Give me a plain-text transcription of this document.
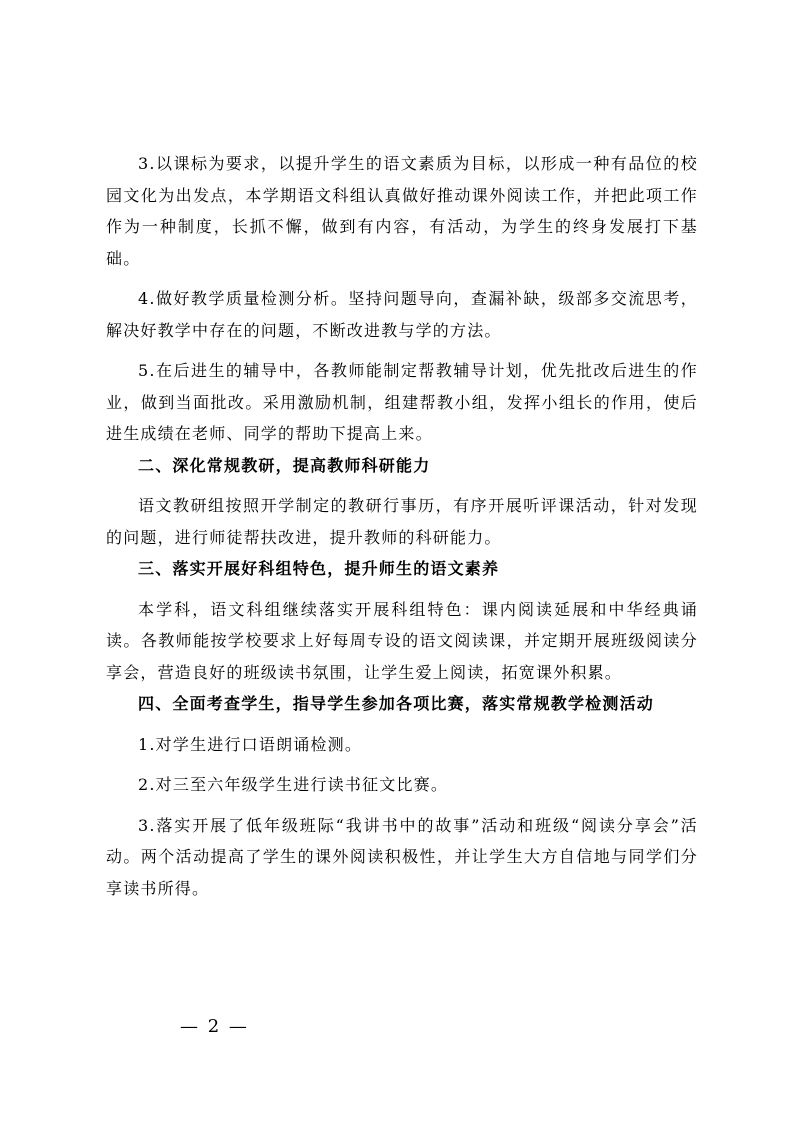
3.以课标为要求，以提升学生的语文素质为目标，以形成一种有品位的校园文化为出发点，本学期语文科组认真做好推动课外阅读工作，并把此项工作作为一种制度，长抓不懈，做到有内容，有活动，为学生的终身发展打下基础。

4.做好教学质量检测分析。坚持问题导向，查漏补缺，级部多交流思考，解决好教学中存在的问题，不断改进教与学的方法。

5.在后进生的辅导中，各教师能制定帮教辅导计划，优先批改后进生的作业，做到当面批改。采用激励机制，组建帮教小组，发挥小组长的作用，使后进生成绩在老师、同学的帮助下提高上来。

二、深化常规教研，提高教师科研能力

语文教研组按照开学制定的教研行事历，有序开展听评课活动，针对发现的问题，进行师徒帮扶改进，提升教师的科研能力。

三、落实开展好科组特色，提升师生的语文素养

本学科，语文科组继续落实开展科组特色：课内阅读延展和中华经典诵读。各教师能按学校要求上好每周专设的语文阅读课，并定期开展班级阅读分享会，营造良好的班级读书氛围，让学生爱上阅读，拓宽课外积累。

四、全面考查学生，指导学生参加各项比赛，落实常规教学检测活动

1.对学生进行口语朗诵检测。

2.对三至六年级学生进行读书征文比赛。

3.落实开展了低年级班际“我讲书中的故事”活动和班级“阅读分享会”活动。两个活动提高了学生的课外阅读积极性，并让学生大方自信地与同学们分享读书所得。

— 2 —
